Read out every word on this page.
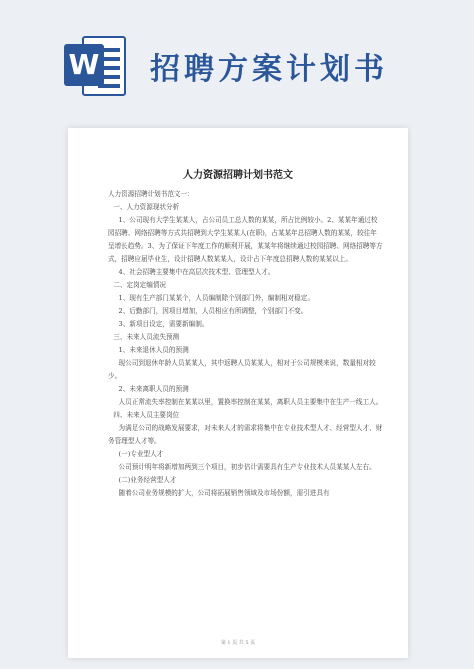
W 招聘方案计划书
人力资源招聘计划书范文

人力资源招聘计划书范文一：

一、人力资源现状分析

1、公司现有大学生某某人，占公司员工总人数的某某，所占比例较小。2、某某年通过校园招聘、网络招聘等方式共招聘到大学生某某人(在职)，占某某年总招聘人数的某某，较往年呈增长趋势。3、为了保证下年度工作的顺利开展，某某年将继续通过校园招聘、网络招聘等方式，招聘应届毕业生，设计招聘人数某某人，设计占下年度总招聘人数的某某以上。

4、社会招聘主要集中在高层次技术型、管理型人才。

二、定岗定编情况

1、现有生产部门某某个，人员编制除个别部门外，编制相对稳定。

2、后勤部门，因项目增加，人员相应有所调整，个别部门不变。

3、新项目设定，需要新编制。

三、未来人员流失预测

1、未来退休人员的预测

现公司到退休年龄人员某某人，其中返聘人员某某人，相对于公司规模来说，数量相对较少。

2、未来离职人员的预测

人员正常流失率控制在某某以里，置换率控制在某某，离职人员主要集中在生产一线工人。

四、未来人员主要岗位

为满足公司的战略发展要求，对未来人才的需求将集中在专业技术型人才、经营型人才、财务管理型人才等。

(一)专业型人才

公司预计明年将新增加两到三个项目，初步估计需要具有生产专业技术人员某某人左右。

(二)业务经营型人才

随着公司业务规模的扩大，公司将拓展销售领域及市场份额，需引进具有

第 1 页 共 5 页
